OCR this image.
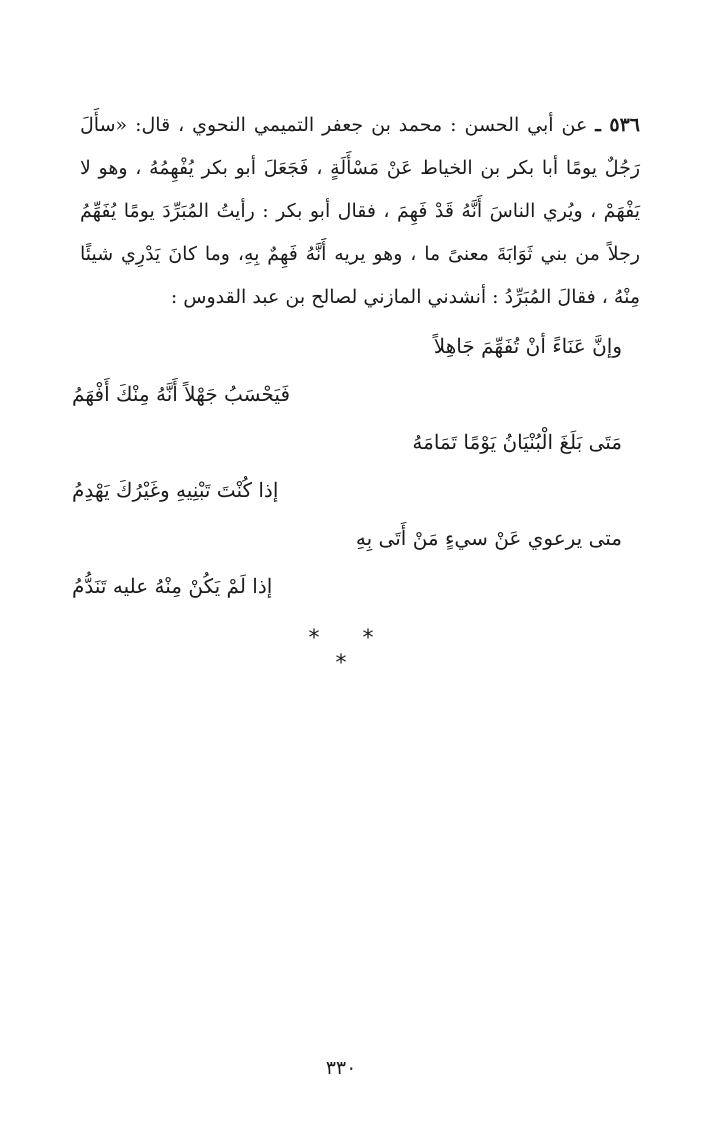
٥٣٦ ـ عن أبي الحسن : محمد بن جعفر التميمي النحوي ، قال: «سأَلَ رَجُلٌ يومًا أبا بكر بن الخياط عَنْ مَسْأَلَةٍ ، فَجَعَلَ أبو بكر يُفْهِمُهُ ، وهو لا يَفْهَمْ ، ويُري الناسَ أَنَّهُ قَدْ فَهِمَ ، فقال أبو بكر : رأيتُ المُبَرِّدَ يومًا يُفَهِّمُ رجلاً من بني ثَوَابَةَ معنىً ما ، وهو يريه أَنَّهُ فَهِمٌ بِهِ، وما كانَ يَدْرِي شيئًا مِنْهُ ، فقالَ المُبَرِّدُ : أنشدني المازني لصالح بن عبد القدوس :

وإنَّ عَنَاءً أنْ تُفَهِّمَ جَاهِلاً
فَيَحْسَبُ جَهْلاً أَنَّهُ مِنْكَ أَفْهَمُ
مَتَى بَلَغَ الْبُنْيَانُ يَوْمًا تَمَامَهُ
إذا كُنْتَ تَبْنِيهِ وغَيْرُكَ يَهْدِمُ
متى يرعوي عَنْ سيءٍ مَنْ أَتَى بِهِ
إذا لَمْ يَكُنْ مِنْهُ عليه تَنَدُّمُ
* * *
٣٣٠
